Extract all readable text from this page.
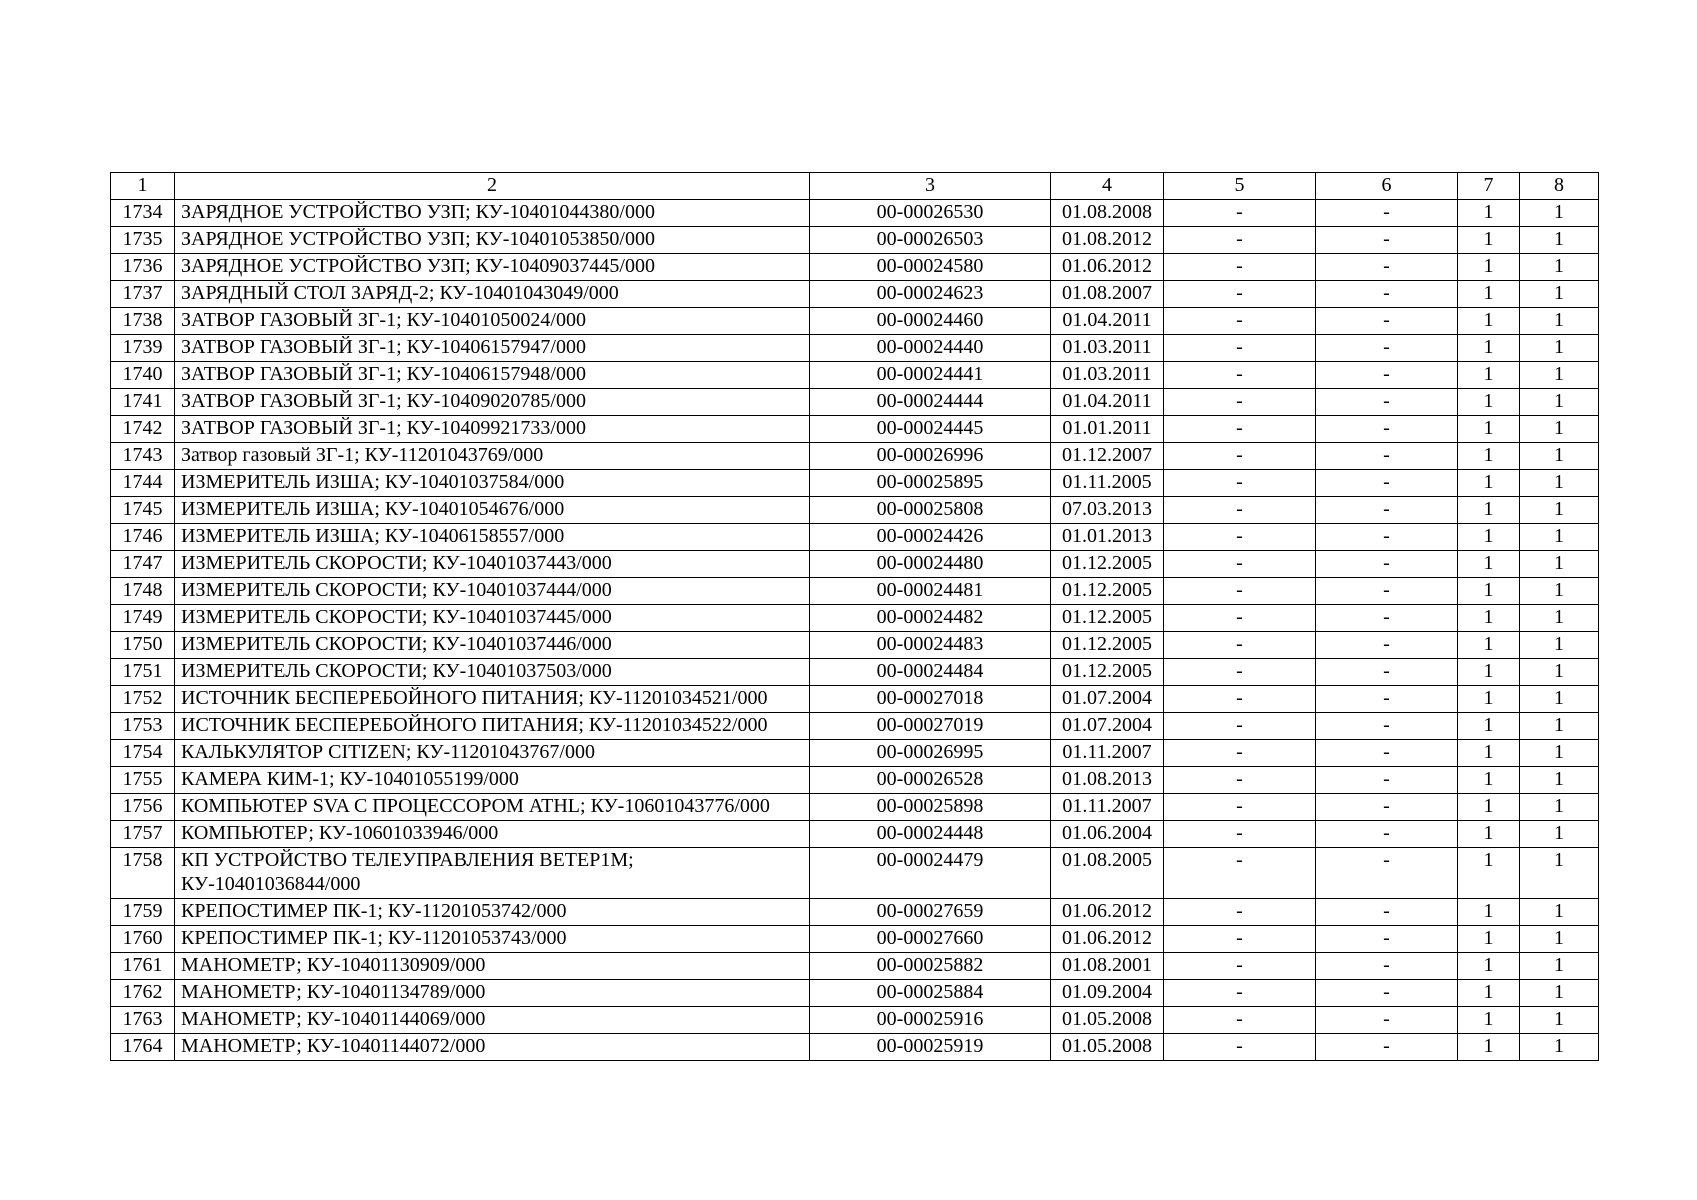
1	2	3	4	5	6	7	8
1734	ЗАРЯДНОЕ УСТРОЙСТВО УЗП; КУ-10401044380/000	00-00026530	01.08.2008	-	-	1	1
1735	ЗАРЯДНОЕ УСТРОЙСТВО УЗП; КУ-10401053850/000	00-00026503	01.08.2012	-	-	1	1
1736	ЗАРЯДНОЕ УСТРОЙСТВО УЗП; КУ-10409037445/000	00-00024580	01.06.2012	-	-	1	1
1737	ЗАРЯДНЫЙ СТОЛ ЗАРЯД-2; КУ-10401043049/000	00-00024623	01.08.2007	-	-	1	1
1738	ЗАТВОР ГАЗОВЫЙ ЗГ-1; КУ-10401050024/000	00-00024460	01.04.2011	-	-	1	1
1739	ЗАТВОР ГАЗОВЫЙ ЗГ-1; КУ-10406157947/000	00-00024440	01.03.2011	-	-	1	1
1740	ЗАТВОР ГАЗОВЫЙ ЗГ-1; КУ-10406157948/000	00-00024441	01.03.2011	-	-	1	1
1741	ЗАТВОР ГАЗОВЫЙ ЗГ-1; КУ-10409020785/000	00-00024444	01.04.2011	-	-	1	1
1742	ЗАТВОР ГАЗОВЫЙ ЗГ-1; КУ-10409921733/000	00-00024445	01.01.2011	-	-	1	1
1743	Затвор газовый ЗГ-1; КУ-11201043769/000	00-00026996	01.12.2007	-	-	1	1
1744	ИЗМЕРИТЕЛЬ ИЗША; КУ-10401037584/000	00-00025895	01.11.2005	-	-	1	1
1745	ИЗМЕРИТЕЛЬ ИЗША; КУ-10401054676/000	00-00025808	07.03.2013	-	-	1	1
1746	ИЗМЕРИТЕЛЬ ИЗША; КУ-10406158557/000	00-00024426	01.01.2013	-	-	1	1
1747	ИЗМЕРИТЕЛЬ СКОРОСТИ; КУ-10401037443/000	00-00024480	01.12.2005	-	-	1	1
1748	ИЗМЕРИТЕЛЬ СКОРОСТИ; КУ-10401037444/000	00-00024481	01.12.2005	-	-	1	1
1749	ИЗМЕРИТЕЛЬ СКОРОСТИ; КУ-10401037445/000	00-00024482	01.12.2005	-	-	1	1
1750	ИЗМЕРИТЕЛЬ СКОРОСТИ; КУ-10401037446/000	00-00024483	01.12.2005	-	-	1	1
1751	ИЗМЕРИТЕЛЬ СКОРОСТИ; КУ-10401037503/000	00-00024484	01.12.2005	-	-	1	1
1752	ИСТОЧНИК БЕСПЕРЕБОЙНОГО ПИТАНИЯ; КУ-11201034521/000	00-00027018	01.07.2004	-	-	1	1
1753	ИСТОЧНИК БЕСПЕРЕБОЙНОГО ПИТАНИЯ; КУ-11201034522/000	00-00027019	01.07.2004	-	-	1	1
1754	КАЛЬКУЛЯТОР CITIZEN; КУ-11201043767/000	00-00026995	01.11.2007	-	-	1	1
1755	КАМЕРА КИМ-1; КУ-10401055199/000	00-00026528	01.08.2013	-	-	1	1
1756	КОМПЬЮТЕР SVA С ПРОЦЕССОРОМ ATHL; КУ-10601043776/000	00-00025898	01.11.2007	-	-	1	1
1757	КОМПЬЮТЕР; КУ-10601033946/000	00-00024448	01.06.2004	-	-	1	1
1758	КП УСТРОЙСТВО ТЕЛЕУПРАВЛЕНИЯ ВЕТЕР1М; КУ-10401036844/000	00-00024479	01.08.2005	-	-	1	1
1759	КРЕПОСТИМЕР ПК-1; КУ-11201053742/000	00-00027659	01.06.2012	-	-	1	1
1760	КРЕПОСТИМЕР ПК-1; КУ-11201053743/000	00-00027660	01.06.2012	-	-	1	1
1761	МАНОМЕТР; КУ-10401130909/000	00-00025882	01.08.2001	-	-	1	1
1762	МАНОМЕТР; КУ-10401134789/000	00-00025884	01.09.2004	-	-	1	1
1763	МАНОМЕТР; КУ-10401144069/000	00-00025916	01.05.2008	-	-	1	1
1764	МАНОМЕТР; КУ-10401144072/000	00-00025919	01.05.2008	-	-	1	1
